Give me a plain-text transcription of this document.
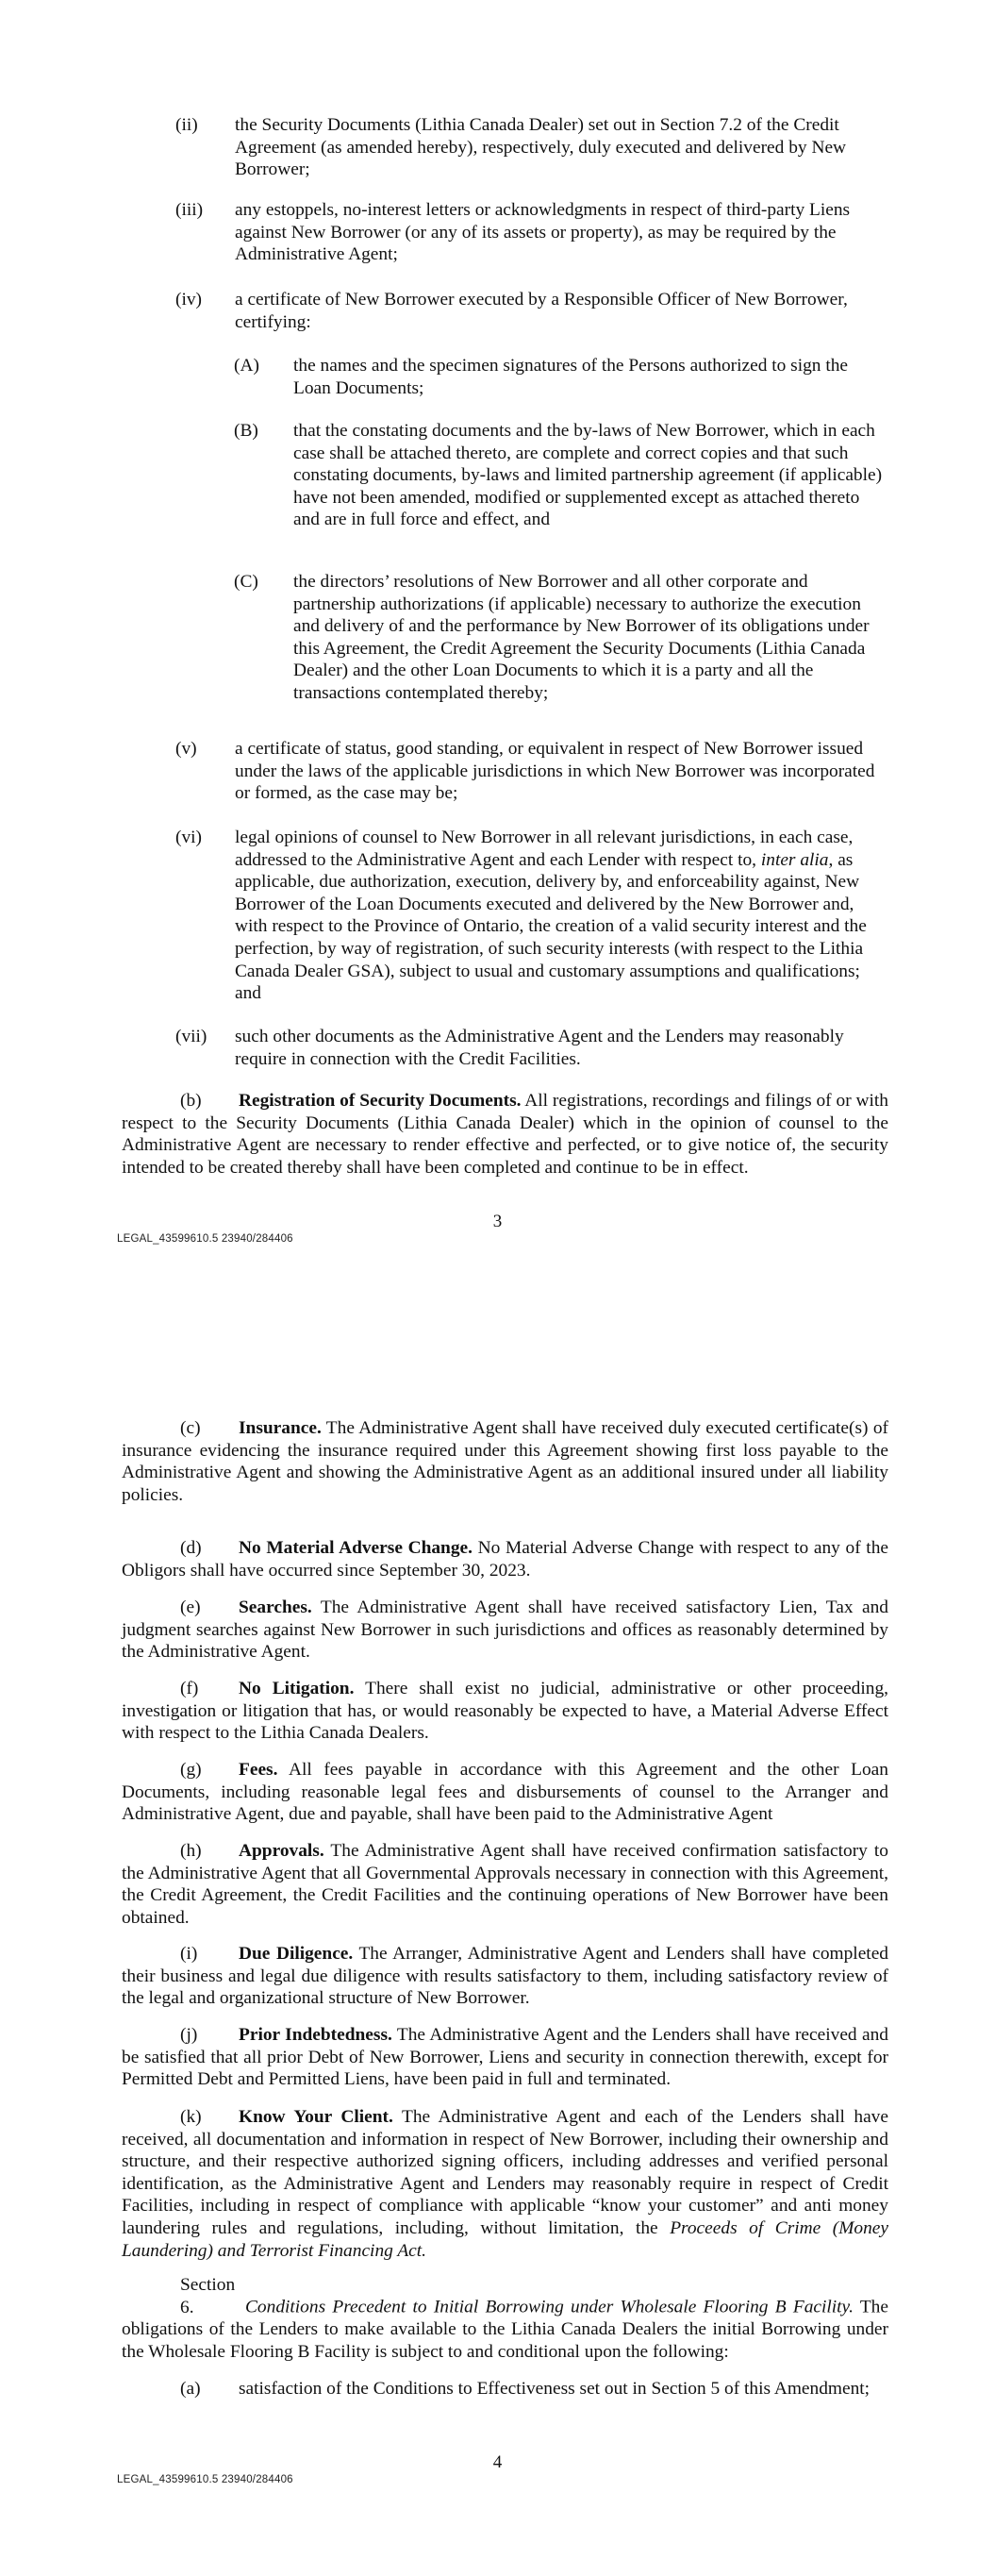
(ii) the Security Documents (Lithia Canada Dealer) set out in Section 7.2 of the Credit Agreement (as amended hereby), respectively, duly executed and delivered by New Borrower;
(iii) any estoppels, no-interest letters or acknowledgments in respect of third-party Liens against New Borrower (or any of its assets or property), as may be required by the Administrative Agent;
(iv) a certificate of New Borrower executed by a Responsible Officer of New Borrower, certifying:
(A) the names and the specimen signatures of the Persons authorized to sign the Loan Documents;
(B) that the constating documents and the by-laws of New Borrower, which in each case shall be attached thereto, are complete and correct copies and that such constating documents, by-laws and limited partnership agreement (if applicable) have not been amended, modified or supplemented except as attached thereto and are in full force and effect, and
(C) the directors’ resolutions of New Borrower and all other corporate and partnership authorizations (if applicable) necessary to authorize the execution and delivery of and the performance by New Borrower of its obligations under this Agreement, the Credit Agreement the Security Documents (Lithia Canada Dealer) and the other Loan Documents to which it is a party and all the transactions contemplated thereby;
(v) a certificate of status, good standing, or equivalent in respect of New Borrower issued under the laws of the applicable jurisdictions in which New Borrower was incorporated or formed, as the case may be;
(vi) legal opinions of counsel to New Borrower in all relevant jurisdictions, in each case, addressed to the Administrative Agent and each Lender with respect to, inter alia, as applicable, due authorization, execution, delivery by, and enforceability against, New Borrower of the Loan Documents executed and delivered by the New Borrower and, with respect to the Province of Ontario, the creation of a valid security interest and the perfection, by way of registration, of such security interests (with respect to the Lithia Canada Dealer GSA), subject to usual and customary assumptions and qualifications; and
(vii) such other documents as the Administrative Agent and the Lenders may reasonably require in connection with the Credit Facilities.
(b) Registration of Security Documents. All registrations, recordings and filings of or with respect to the Security Documents (Lithia Canada Dealer) which in the opinion of counsel to the Administrative Agent are necessary to render effective and perfected, or to give notice of, the security intended to be created thereby shall have been completed and continue to be in effect.
3
LEGAL_43599610.5 23940/284406
(c) Insurance. The Administrative Agent shall have received duly executed certificate(s) of insurance evidencing the insurance required under this Agreement showing first loss payable to the Administrative Agent and showing the Administrative Agent as an additional insured under all liability policies.
(d) No Material Adverse Change. No Material Adverse Change with respect to any of the Obligors shall have occurred since September 30, 2023.
(e) Searches. The Administrative Agent shall have received satisfactory Lien, Tax and judgment searches against New Borrower in such jurisdictions and offices as reasonably determined by the Administrative Agent.
(f) No Litigation. There shall exist no judicial, administrative or other proceeding, investigation or litigation that has, or would reasonably be expected to have, a Material Adverse Effect with respect to the Lithia Canada Dealers.
(g) Fees. All fees payable in accordance with this Agreement and the other Loan Documents, including reasonable legal fees and disbursements of counsel to the Arranger and Administrative Agent, due and payable, shall have been paid to the Administrative Agent
(h) Approvals. The Administrative Agent shall have received confirmation satisfactory to the Administrative Agent that all Governmental Approvals necessary in connection with this Agreement, the Credit Agreement, the Credit Facilities and the continuing operations of New Borrower have been obtained.
(i) Due Diligence. The Arranger, Administrative Agent and Lenders shall have completed their business and legal due diligence with results satisfactory to them, including satisfactory review of the legal and organizational structure of New Borrower.
(j) Prior Indebtedness. The Administrative Agent and the Lenders shall have received and be satisfied that all prior Debt of New Borrower, Liens and security in connection therewith, except for Permitted Debt and Permitted Liens, have been paid in full and terminated.
(k) Know Your Client. The Administrative Agent and each of the Lenders shall have received, all documentation and information in respect of New Borrower, including their ownership and structure, and their respective authorized signing officers, including addresses and verified personal identification, as the Administrative Agent and Lenders may reasonably require in respect of Credit Facilities, including in respect of compliance with applicable “know your customer” and anti money laundering rules and regulations, including, without limitation, the Proceeds of Crime (Money Laundering) and Terrorist Financing Act.
Section 6.	Conditions Precedent to Initial Borrowing under Wholesale Flooring B Facility. The obligations of the Lenders to make available to the Lithia Canada Dealers the initial Borrowing under the Wholesale Flooring B Facility is subject to and conditional upon the following:
(a) satisfaction of the Conditions to Effectiveness set out in Section 5 of this Amendment;
4
LEGAL_43599610.5 23940/284406
